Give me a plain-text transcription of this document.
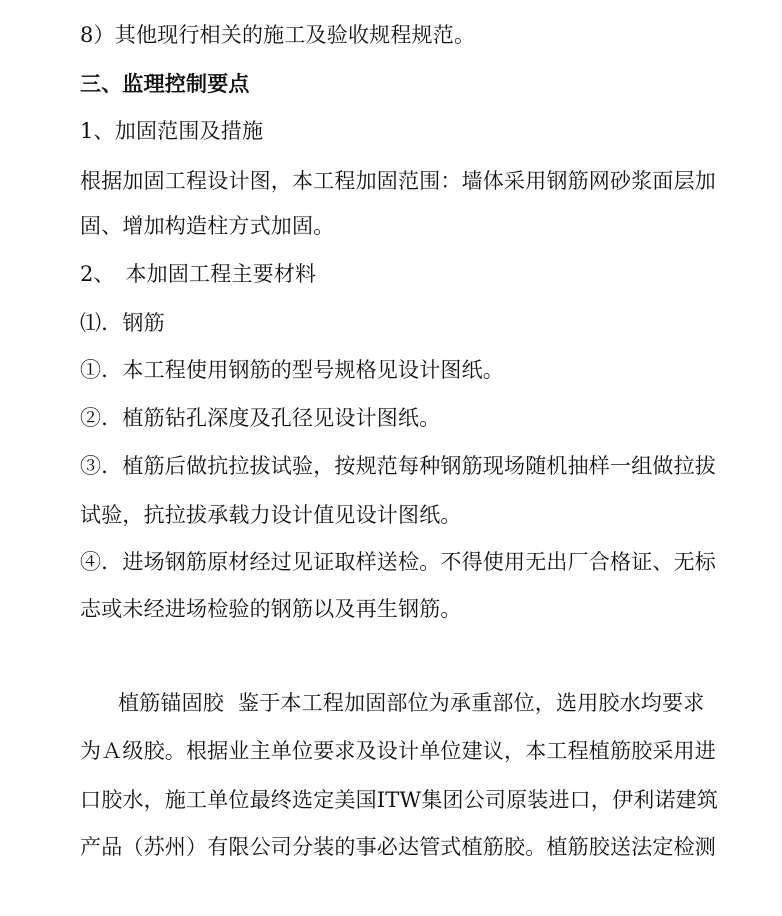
8）其他现行相关的施工及验收规程规范。
三、监理控制要点
1、加固范围及措施
根据加固工程设计图，本工程加固范围：墙体采用钢筋网砂浆面层加
固、增加构造柱方式加固。
2、　本加固工程主要材料
⑴．钢筋
①．本工程使用钢筋的型号规格见设计图纸。
②．植筋钻孔深度及孔径见设计图纸。
③．植筋后做抗拉拔试验，按规范每种钢筋现场随机抽样一组做拉拔
试验，抗拉拔承载力设计值见设计图纸。
④．进场钢筋原材经过见证取样送检。不得使用无出厂合格证、无标
志或未经进场检验的钢筋以及再生钢筋。
植筋锚固胶 鉴于本工程加固部位为承重部位，选用胶水均要求
为Ａ级胶。根据业主单位要求及设计单位建议，本工程植筋胶采用进
口胶水，施工单位最终选定美国ITW集团公司原装进口，伊利诺建筑
产品（苏州）有限公司分装的事必达管式植筋胶。植筋胶送法定检测
